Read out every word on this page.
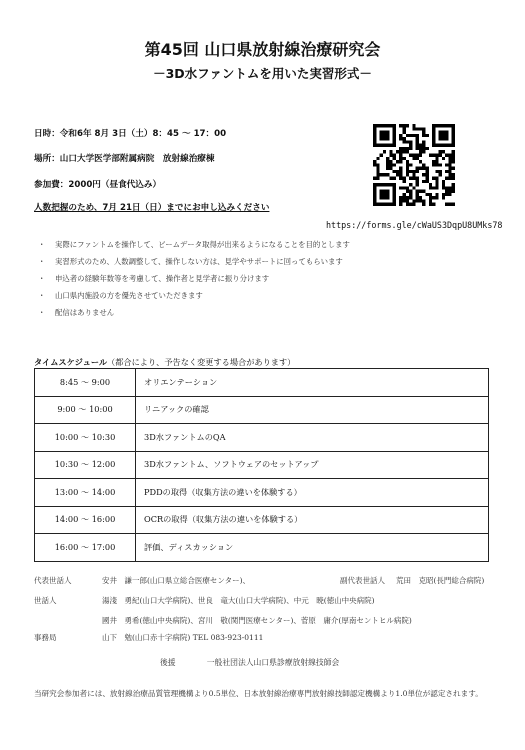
第45回 山口県放射線治療研究会
－3D水ファントムを用いた実習形式－
日時：令和6年 8月 3日（土）8：45 ～ 17：00
場所：山口大学医学部附属病院　放射線治療棟
参加費：2000円（昼食代込み）
人数把握のため、7月 21日（日）までにお申し込みください
https://forms.gle/cWaUS3DqpU8UMks78
・ 実際にファントムを操作して、ビームデータ取得が出来るようになることを目的とします
・ 実習形式のため、人数調整して、操作しない方は、見学やサポートに回ってもらいます
・ 申込者の経験年数等を考慮して、操作者と見学者に振り分けます
・ 山口県内施設の方を優先させていただきます
・ 配信はありません
タイムスケジュール（都合により、予告なく変更する場合があります）
8:45 ～ 9:00	オリエンテーション
9:00 ～ 10:00	リニアックの確認
10:00 ～ 10:30	3D水ファントムのQA
10:30 ～ 12:00	3D水ファントム、ソフトウェアのセットアップ
13:00 ～ 14:00	PDDの取得（収集方法の違いを体験する）
14:00 ～ 16:00	OCRの取得（収集方法の違いを体験する）
16:00 ～ 17:00	評価、ディスカッション
代表世話人	安井　謙一郎(山口県立総合医療センター)、	副代表世話人 荒田　克昭(長門総合病院)
世話人	湯淺　勇紀(山口大学病院)、世良　竜大(山口大学病院)、中元　暁(徳山中央病院)
國井　勇希(徳山中央病院)、宮川　敬(関門医療センター)、菅原　庸介(厚南セントヒル病院)
事務局	山下　勉(山口赤十字病院) TEL 083-923-0111
後援　　　　	一般社団法人山口県診療放射線技師会
当研究会参加者には、放射線治療品質管理機構より0.5単位、日本放射線治療専門放射線技師認定機構より1.0単位が認定されます。
